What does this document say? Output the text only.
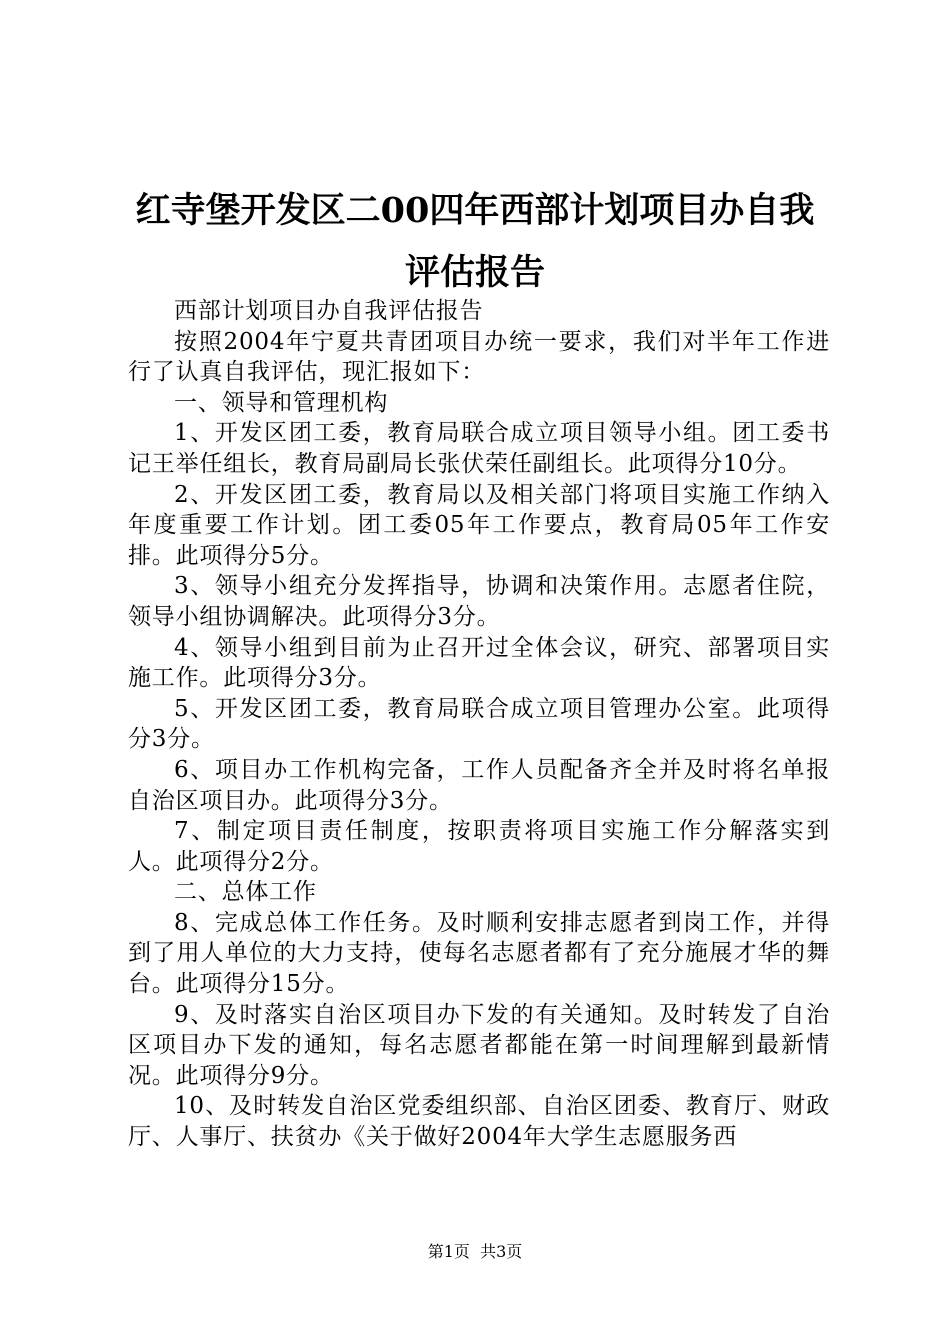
红寺堡开发区二00四年西部计划项目办自我评估报告

西部计划项目办自我评估报告

按照2004年宁夏共青团项目办统一要求，我们对半年工作进行了认真自我评估，现汇报如下：

一、领导和管理机构

1、开发区团工委，教育局联合成立项目领导小组。团工委书记王举任组长，教育局副局长张伏荣任副组长。此项得分10分。

2、开发区团工委，教育局以及相关部门将项目实施工作纳入年度重要工作计划。团工委05年工作要点，教育局05年工作安排。此项得分5分。

3、领导小组充分发挥指导，协调和决策作用。志愿者住院，领导小组协调解决。此项得分3分。

4、领导小组到目前为止召开过全体会议，研究、部署项目实施工作。此项得分3分。

5、开发区团工委，教育局联合成立项目管理办公室。此项得分3分。

6、项目办工作机构完备，工作人员配备齐全并及时将名单报自治区项目办。此项得分3分。

7、制定项目责任制度，按职责将项目实施工作分解落实到人。此项得分2分。

二、总体工作

8、完成总体工作任务。及时顺利安排志愿者到岗工作，并得到了用人单位的大力支持，使每名志愿者都有了充分施展才华的舞台。此项得分15分。

9、及时落实自治区项目办下发的有关通知。及时转发了自治区项目办下发的通知，每名志愿者都能在第一时间理解到最新情况。此项得分9分。

10、及时转发自治区党委组织部、自治区团委、教育厅、财政厅、人事厅、扶贫办《关于做好2004年大学生志愿服务西

第1页 共3页
